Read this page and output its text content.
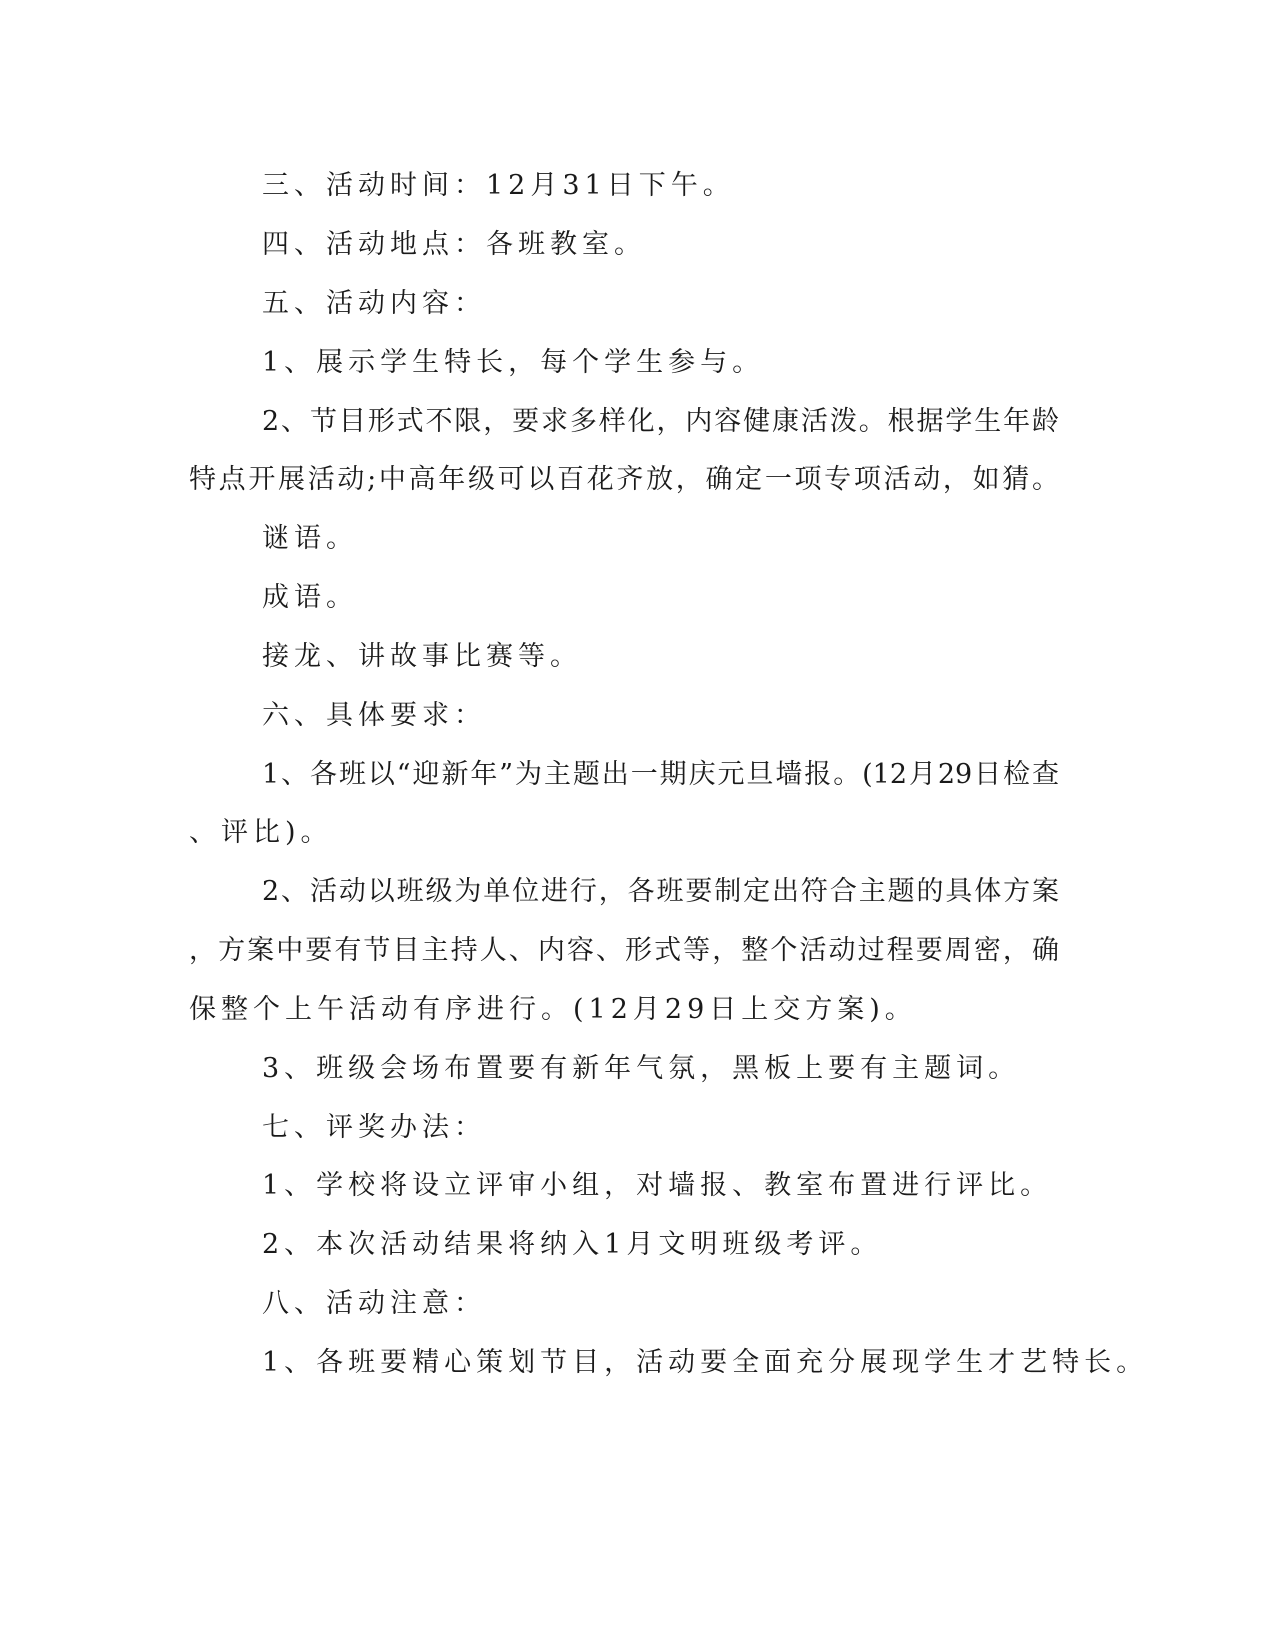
三、活动时间：12月31日下午。
四、活动地点：各班教室。
五、活动内容：
1、展示学生特长，每个学生参与。
2、节目形式不限，要求多样化，内容健康活泼。根据学生年龄
特点开展活动;中高年级可以百花齐放，确定一项专项活动，如猜。
谜语。
成语。
接龙、讲故事比赛等。
六、具体要求：
1、各班以“迎新年”为主题出一期庆元旦墙报。(12月29日检查
、评比)。
2、活动以班级为单位进行，各班要制定出符合主题的具体方案
，方案中要有节目主持人、内容、形式等，整个活动过程要周密，确
保整个上午活动有序进行。(12月29日上交方案)。
3、班级会场布置要有新年气氛，黑板上要有主题词。
七、评奖办法：
1、学校将设立评审小组，对墙报、教室布置进行评比。
2、本次活动结果将纳入1月文明班级考评。
八、活动注意：
1、各班要精心策划节目，活动要全面充分展现学生才艺特长。
